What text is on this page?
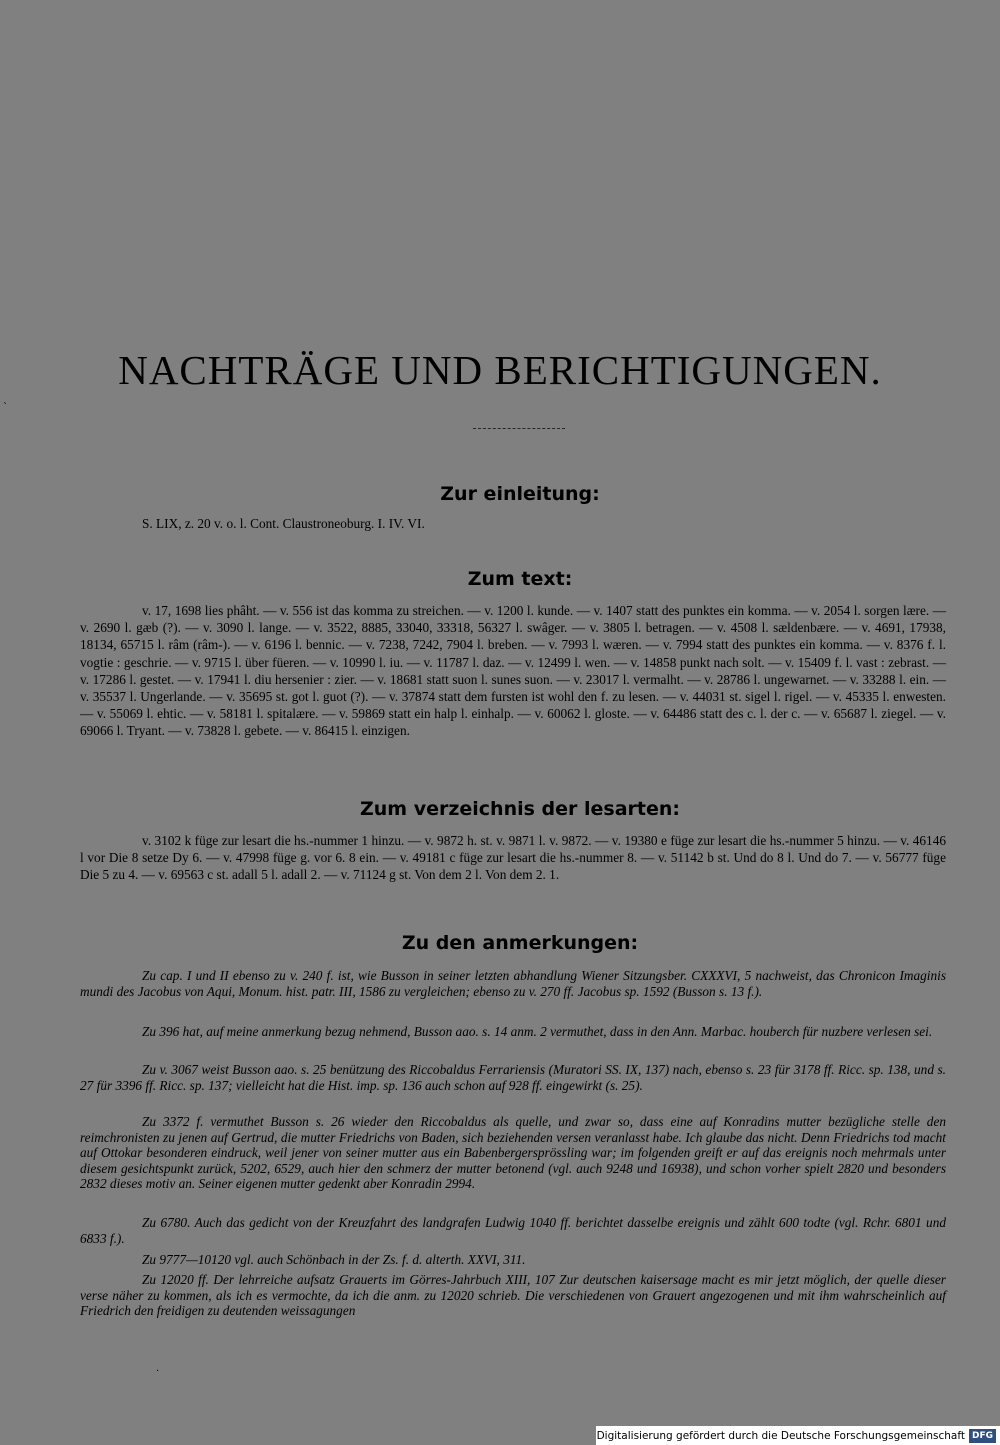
NACHTRÄGE UND BERICHTIGUNGEN.
Zur einleitung:
S. LIX, z. 20 v. o. l. Cont. Claustroneoburg. I. IV. VI.
Zum text:

v. 17, 1698 lies phâht. — v. 556 ist das komma zu streichen. — v. 1200 l. kunde. — v. 1407 statt des punktes ein komma. — v. 2054 l. sorgen lære. — v. 2690 l. gæb (?). — v. 3090 l. lange. — v. 3522, 8885, 33040, 33318, 56327 l. swâger. — v. 3805 l. betragen. — v. 4508 l. sældenbære. — v. 4691, 17938, 18134, 65715 l. râm (râm-). — v. 6196 l. bennic. — v. 7238, 7242, 7904 l. breben. — v. 7993 l. wæren. — v. 7994 statt des punktes ein komma. — v. 8376 f. l. vogtie : geschrie. — v. 9715 l. über füeren. — v. 10990 l. iu. — v. 11787 l. daz. — v. 12499 l. wen. — v. 14858 punkt nach solt. — v. 15409 f. l. vast : zebrast. — v. 17286 l. gestet. — v. 17941 l. diu hersenier : zier. — v. 18681 statt suon l. sunes suon. — v. 23017 l. vermalht. — v. 28786 l. ungewarnet. — v. 33288 l. ein. — v. 35537 l. Ungerlande. — v. 35695 st. got l. guot (?). — v. 37874 statt dem fursten ist wohl den f. zu lesen. — v. 44031 st. sigel l. rigel. — v. 45335 l. enwesten. — v. 55069 l. ehtic. — v. 58181 l. spitalære. — v. 59869 statt ein halp l. einhalp. — v. 60062 l. gloste. — v. 64486 statt des c. l. der c. — v. 65687 l. ziegel. — v. 69066 l. Tryant. — v. 73828 l. gebete. — v. 86415 l. einzigen.

Zum verzeichnis der lesarten:

v. 3102 k füge zur lesart die hs.-nummer 1 hinzu. — v. 9872 h. st. v. 9871 l. v. 9872. — v. 19380 e füge zur lesart die hs.-nummer 5 hinzu. — v. 46146 l vor Die 8 setze Dy 6. — v. 47998 füge g. vor 6. 8 ein. — v. 49181 c füge zur lesart die hs.-nummer 8. — v. 51142 b st. Und do 8 l. Und do 7. — v. 56777 füge Die 5 zu 4. — v. 69563 c st. adall 5 l. adall 2. — v. 71124 g st. Von dem 2 l. Von dem 2. 1.

Zu den anmerkungen:

Zu cap. I und II ebenso zu v. 240 f. ist, wie Busson in seiner letzten abhandlung Wiener Sitzungsber. CXXXVI, 5 nachweist, das Chronicon Imaginis mundi des Jacobus von Aqui, Monum. hist. patr. III, 1586 zu vergleichen; ebenso zu v. 270 ff. Jacobus sp. 1592 (Busson s. 13 f.).

Zu 396 hat, auf meine anmerkung bezug nehmend, Busson aao. s. 14 anm. 2 vermuthet, dass in den Ann. Marbac. houberch für nuzbere verlesen sei.

Zu v. 3067 weist Busson aao. s. 25 benützung des Riccobaldus Ferrariensis (Muratori SS. IX, 137) nach, ebenso s. 23 für 3178 ff. Ricc. sp. 138, und s. 27 für 3396 ff. Ricc. sp. 137; vielleicht hat die Hist. imp. sp. 136 auch schon auf 928 ff. eingewirkt (s. 25).

Zu 3372 f. vermuthet Busson s. 26 wieder den Riccobaldus als quelle, und zwar so, dass eine auf Konradins mutter bezügliche stelle den reimchronisten zu jenen auf Gertrud, die mutter Friedrichs von Baden, sich beziehenden versen veranlasst habe. Ich glaube das nicht. Denn Friedrichs tod macht auf Ottokar besonderen eindruck, weil jener von seiner mutter aus ein Babenbergersprössling war; im folgenden greift er auf das ereignis noch mehrmals unter diesem gesichtspunkt zurück, 5202, 6529, auch hier den schmerz der mutter betonend (vgl. auch 9248 und 16938), und schon vorher spielt 2820 und besonders 2832 dieses motiv an. Seiner eigenen mutter gedenkt aber Konradin 2994.

Zu 6780. Auch das gedicht von der Kreuzfahrt des landgrafen Ludwig 1040 ff. berichtet dasselbe ereignis und zählt 600 todte (vgl. Rchr. 6801 und 6833 f.).

Zu 9777—10120 vgl. auch Schönbach in der Zs. f. d. alterth. XXVI, 311.

Zu 12020 ff. Der lehrreiche aufsatz Grauerts im Görres-Jahrbuch XIII, 107 Zur deutschen kaisersage macht es mir jetzt möglich, der quelle dieser verse näher zu kommen, als ich es vermochte, da ich die anm. zu 12020 schrieb. Die verschiedenen von Grauert angezogenen und mit ihm wahrscheinlich auf Friedrich den freidigen zu deutenden weissagungen

`
·
Digitalisierung gefördert durch die Deutsche Forschungsgemeinschaft DFG
